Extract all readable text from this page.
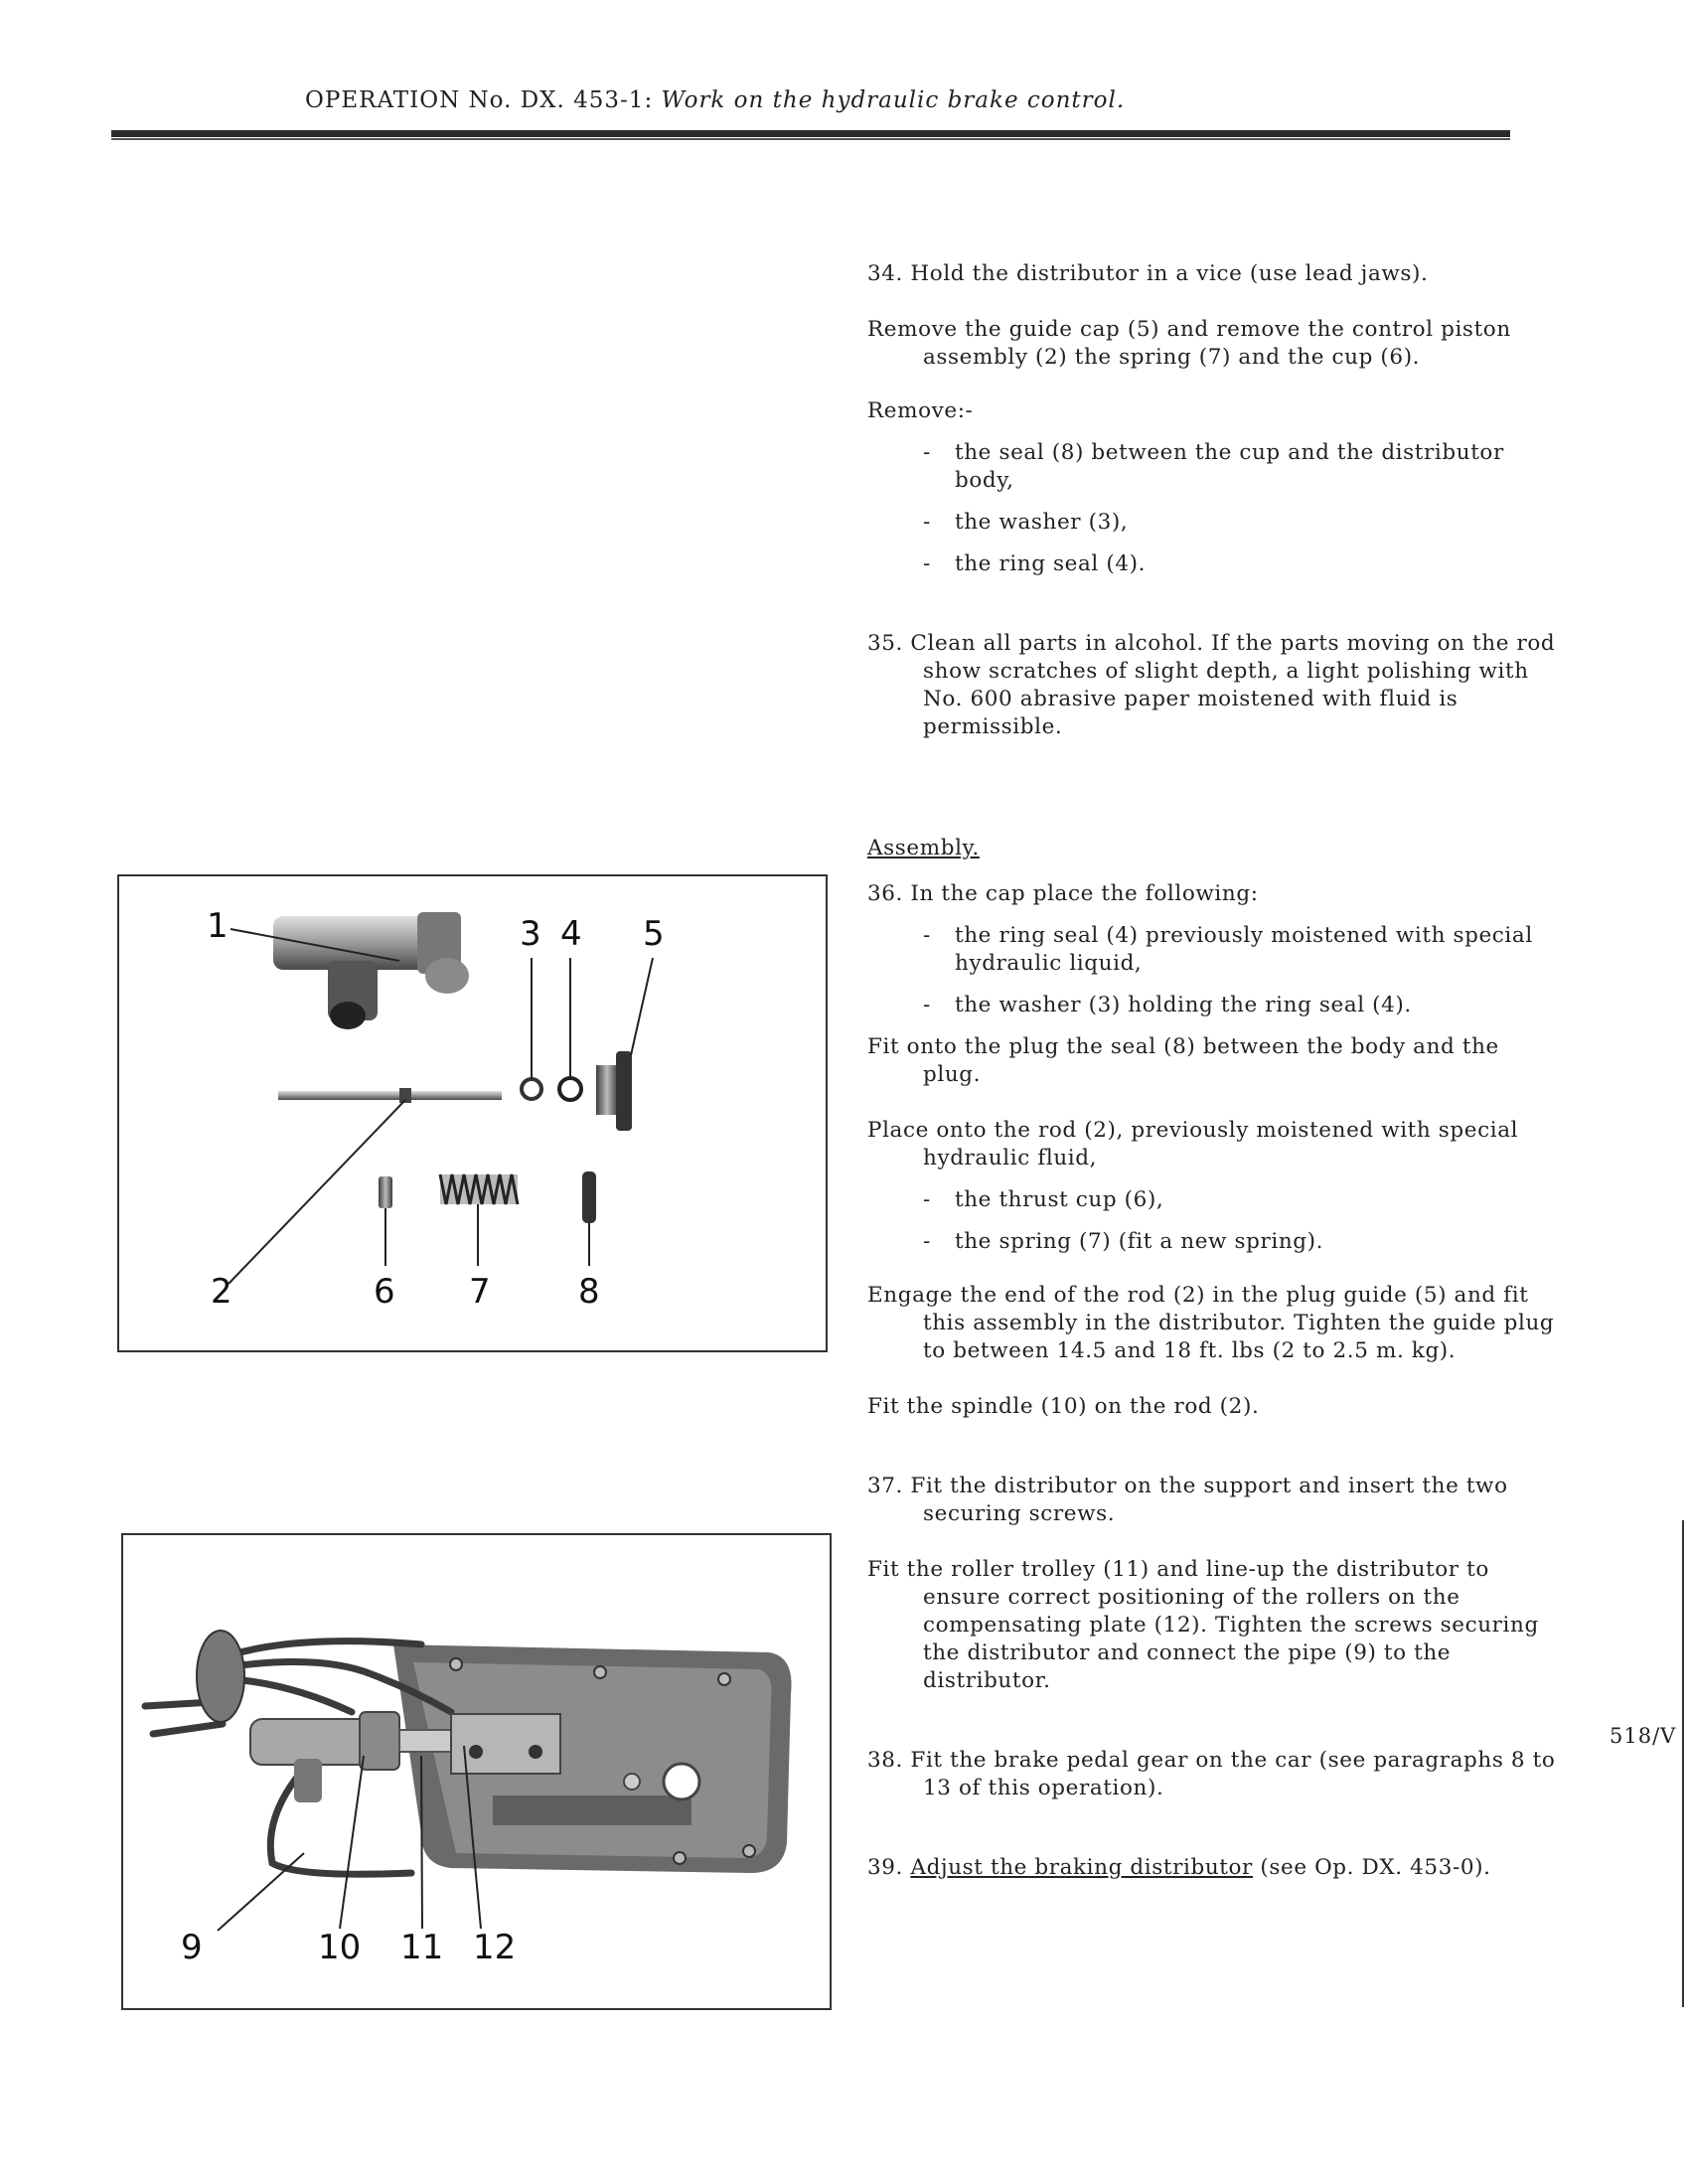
OPERATION No. DX. 453-1: Work on the hydraulic brake control.

34. Hold the distributor in a vice (use lead jaws).

Remove the guide cap (5) and remove the control piston assembly (2) the spring (7) and the cup (6).

Remove:-

- the seal (8) between the cup and the distributor body,

- the washer (3),

- the ring seal (4).

35. Clean all parts in alcohol. If the parts moving on the rod show scratches of slight depth, a light polishing with No. 600 abrasive paper moistened with fluid is permissible.

Assembly.

36. In the cap place the following:

- the ring seal (4) previously moistened with special hydraulic liquid,

- the washer (3) holding the ring seal (4).

Fit onto the plug the seal (8) between the body and the plug.

Place onto the rod (2), previously moistened with special hydraulic fluid,

- the thrust cup (6),

- the spring (7) (fit a new spring).

Engage the end of the rod (2) in the plug guide (5) and fit this assembly in the distributor. Tighten the guide plug to between 14.5 and 18 ft. lbs (2 to 2.5 m. kg).

Fit the spindle (10) on the rod (2).

37. Fit the distributor on the support and insert the two securing screws.

Fit the roller trolley (11) and line-up the distributor to ensure correct positioning of the rollers on the compensating plate (12). Tighten the screws securing the distributor and connect the pipe (9) to the distributor.

38. Fit the brake pedal gear on the car (see paragraphs 8 to 13 of this operation).

39. Adjust the braking distributor (see Op. DX. 453-0).

1
2
3 4 5
6 7	8
9	10 11 12
518/V
